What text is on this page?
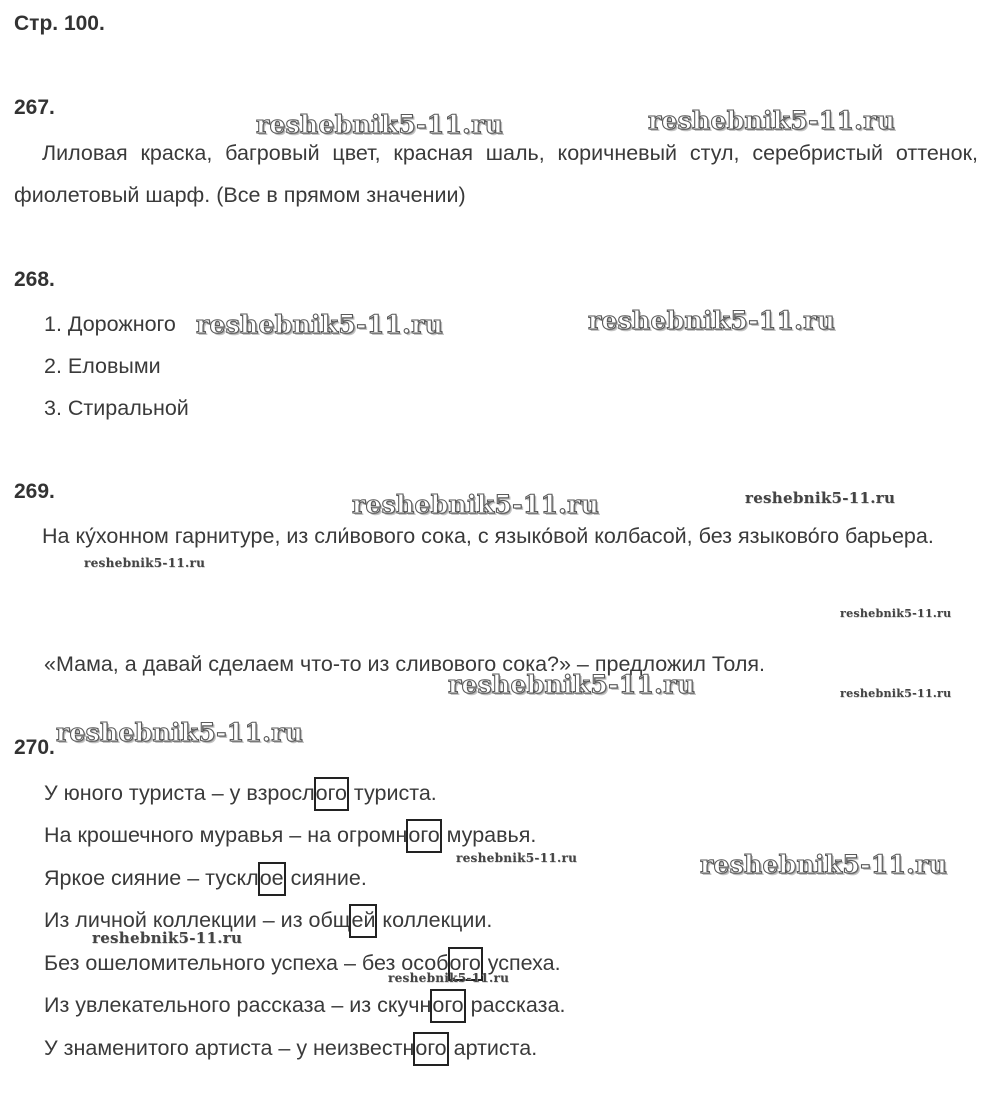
Стр. 100.
267.
Лиловая краска, багровый цвет, красная шаль, коричневый стул, серебристый оттенок, фиолетовый шарф. (Все в прямом значении)
268.
1. Дорожного
2. Еловыми
3. Стиральной
269.
На ку́хонном гарнитуре, из сли́вового сока, с языко́вой колбасой, без языково́го барьера.
«Мама, а давай сделаем что-то из сливового сока?» – предложил Толя.
270.
У юного туриста – у взрослого туриста.
На крошечного муравья – на огромного муравья.
Яркое сияние – тусклое сияние.
Из личной коллекции – из общей коллекции.
Без ошеломительного успеха – без особого успеха.
Из увлекательного рассказа – из скучного рассказа.
У знаменитого артиста – у неизвестного артиста.
reshebnik5-11.ru	reshebnik5-11.ru
reshebnik5-11.ru	reshebnik5-11.ru
reshebnik5-11.ru	reshebnik5-11.ru
reshebnik5-11.ru
reshebnik5-11.ru
reshebnik5-11.ru	reshebnik5-11.ru
reshebnik5-11.ru
reshebnik5-11.ru	reshebnik5-11.ru
reshebnik5-11.ru
reshebnik5-11.ru
